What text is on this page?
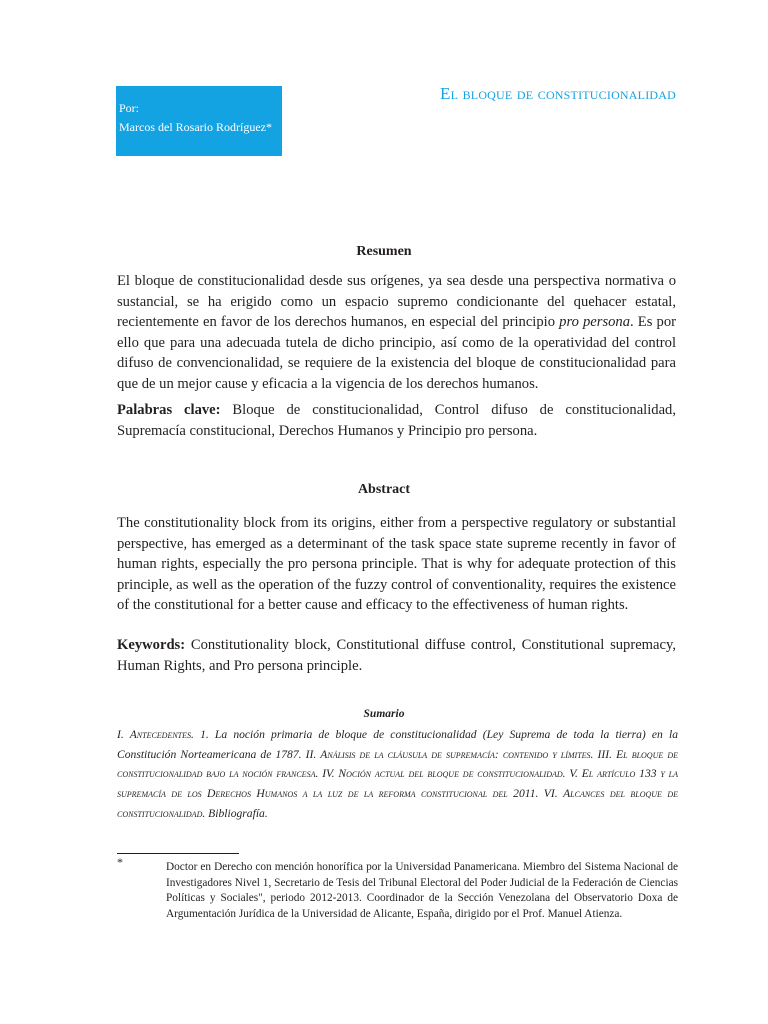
Por:
Marcos del Rosario Rodríguez*
El bloque de constitucionalidad
Resumen
El bloque de constitucionalidad desde sus orígenes, ya sea desde una perspectiva normativa o sustancial, se ha erigido como un espacio supremo condicionante del quehacer estatal, recientemente en favor de los derechos humanos, en especial del principio pro persona. Es por ello que para una adecuada tutela de dicho principio, así como de la operatividad del control difuso de convencionalidad, se requiere de la existencia del bloque de constitucionalidad para que de un mejor cause y eficacia a la vigencia de los derechos humanos.
Palabras clave: Bloque de constitucionalidad, Control difuso de constitucionalidad, Supremacía constitucional, Derechos Humanos y Principio pro persona.
Abstract
The constitutionality block from its origins, either from a perspective regulatory or substantial perspective, has emerged as a determinant of the task space state supreme recently in favor of human rights, especially the pro persona principle. That is why for adequate protection of this principle, as well as the operation of the fuzzy control of conventionality, requires the existence of the constitutional for a better cause and efficacy to the effectiveness of human rights.
Keywords: Constitutionality block, Constitutional diffuse control, Constitutional supremacy, Human Rights, and Pro persona principle.
Sumario
I. Antecedentes. 1. La noción primaria de bloque de constitucionalidad (Ley Suprema de toda la tierra) en la Constitución Norteamericana de 1787. II. Análisis de la cláusula de supremacía: contenido y límites. III. El bloque de constitucionalidad bajo la noción francesa. IV. Noción actual del bloque de constitucionalidad. V. El artículo 133 y la supremacía de los Derechos Humanos a la luz de la reforma constitucional del 2011. VI. Alcances del bloque de constitucionalidad. Bibliografía.
*	Doctor en Derecho con mención honorífica por la Universidad Panamericana. Miembro del Sistema Nacional de Investigadores Nivel 1, Secretario de Tesis del Tribunal Electoral del Poder Judicial de la Federación de Ciencias Políticas y Sociales", periodo 2012-2013. Coordinador de la Sección Venezolana del Observatorio Doxa de Argumentación Jurídica de la Universidad de Alicante, España, dirigido por el Prof. Manuel Atienza.
